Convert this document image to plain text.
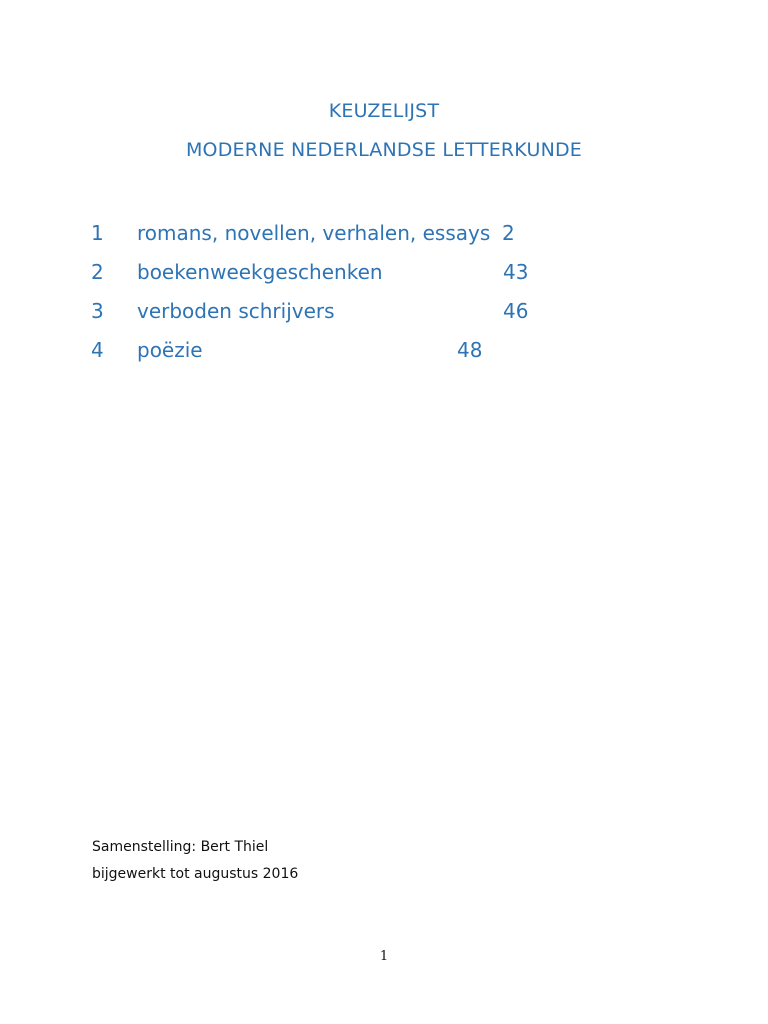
KEUZELIJST
MODERNE NEDERLANDSE LETTERKUNDE
1 romans, novellen, verhalen, essays 2
2 boekenweekgeschenken	43
3 verboden schrijvers	46
4 poëzie	48
Samenstelling: Bert Thiel
bijgewerkt tot augustus 2016
1
